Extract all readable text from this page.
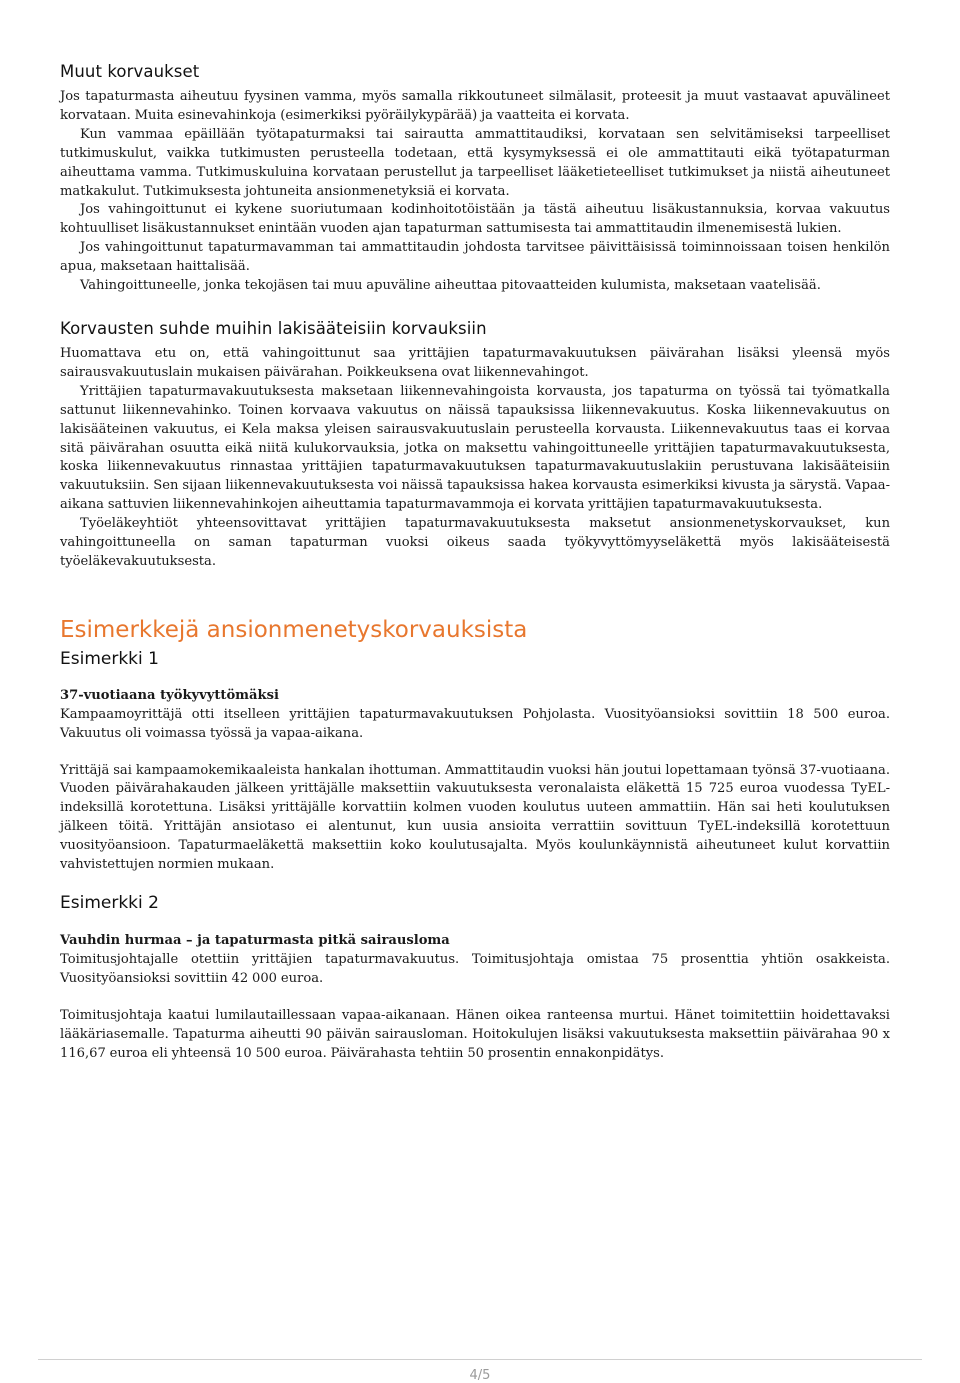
Muut korvaukset

Jos tapaturmasta aiheutuu fyysinen vamma, myös samalla rikkoutuneet silmälasit, proteesit ja muut vastaavat apuvälineet korvataan. Muita esinevahinkoja (esimerkiksi pyöräilykypärää) ja vaatteita ei korvata.

Kun vammaa epäillään työtapaturmaksi tai sairautta ammattitaudiksi, korvataan sen selvitämiseksi tarpeelliset tutkimuskulut, vaikka tutkimusten perusteella todetaan, että kysymyksessä ei ole ammattitauti eikä työtapaturman aiheuttama vamma. Tutkimuskuluina korvataan perustellut ja tarpeelliset lääketieteelliset tutkimukset ja niistä aiheutuneet matkakulut. Tutkimuksesta johtuneita ansionmenetyksiä ei korvata.

Jos vahingoittunut ei kykene suoriutumaan kodinhoitotöistään ja tästä aiheutuu lisäkustannuksia, korvaa vakuutus kohtuulliset lisäkustannukset enintään vuoden ajan tapaturman sattumisesta tai ammattitaudin ilmenemisestä lukien.

Jos vahingoittunut tapaturmavamman tai ammattitaudin johdosta tarvitsee päivittäisissä toiminnoissaan toisen henkilön apua, maksetaan haittalisää.

Vahingoittuneelle, jonka tekojäsen tai muu apuväline aiheuttaa pitovaatteiden kulumista, maksetaan vaatelisää.

Korvausten suhde muihin lakisääteisiin korvauksiin

Huomattava etu on, että vahingoittunut saa yrittäjien tapaturmavakuutuksen päivärahan lisäksi yleensä myös sairausvakuutuslain mukaisen päivärahan. Poikkeuksena ovat liikennevahingot.

Yrittäjien tapaturmavakuutuksesta maksetaan liikennevahingoista korvausta, jos tapaturma on työssä tai työmatkalla sattunut liikennevahinko. Toinen korvaava vakuutus on näissä tapauksissa liikennevakuutus. Koska liikennevakuutus on lakisääteinen vakuutus, ei Kela maksa yleisen sairausvakuutuslain perusteella korvausta. Liikennevakuutus taas ei korvaa sitä päivärahan osuutta eikä niitä kulukorvauksia, jotka on maksettu vahingoittuneelle yrittäjien tapaturmavakuutuksesta, koska liikennevakuutus rinnastaa yrittäjien tapaturmavakuutuksen tapaturmavakuutuslakiin perustuvana lakisääteisiin vakuutuksiin. Sen sijaan liikennevakuutuksesta voi näissä tapauksissa hakea korvausta esimerkiksi kivusta ja särystä. Vapaa-aikana sattuvien liikennevahinkojen aiheuttamia tapaturmavammoja ei korvata yrittäjien tapaturmavakuutuksesta.

Työeläkeyhtiöt yhteensovittavat yrittäjien tapaturmavakuutuksesta maksetut ansionmenetyskorvaukset, kun vahingoittuneella on saman tapaturman vuoksi oikeus saada työkyvyttömyyseläkettä myös lakisääteisestä työeläkevakuutuksesta.

Esimerkkejä ansionmenetyskorvauksista
Esimerkki 1
37-vuotiaana työkyvyttömäksi

Kampaamoyrittäjä otti itselleen yrittäjien tapaturmavakuutuksen Pohjolasta. Vuosityöansioksi sovittiin 18 500 euroa. Vakuutus oli voimassa työssä ja vapaa-aikana.

Yrittäjä sai kampaamokemikaaleista hankalan ihottuman. Ammattitaudin vuoksi hän joutui lopettamaan työnsä 37-vuotiaana. Vuoden päivärahakauden jälkeen yrittäjälle maksettiin vakuutuksesta veronalaista eläkettä 15 725 euroa vuodessa TyEL-indeksillä korotettuna. Lisäksi yrittäjälle korvattiin kolmen vuoden koulutus uuteen ammattiin. Hän sai heti koulutuksen jälkeen töitä. Yrittäjän ansiotaso ei alentunut, kun uusia ansioita verrattiin sovittuun TyEL-indeksillä korotettuun vuosityöansioon. Tapaturmaeläkettä maksettiin koko koulutusajalta. Myös koulunkäynnistä aiheutuneet kulut korvattiin vahvistettujen normien mukaan.

Esimerkki 2
Vauhdin hurmaa – ja tapaturmasta pitkä sairausloma

Toimitusjohtajalle otettiin yrittäjien tapaturmavakuutus. Toimitusjohtaja omistaa 75 prosenttia yhtiön osakkeista. Vuosityöansioksi sovittiin 42 000 euroa.

Toimitusjohtaja kaatui lumilautaillessaan vapaa-aikanaan. Hänen oikea ranteensa murtui. Hänet toimitettiin hoidettavaksi lääkäriasemalle. Tapaturma aiheutti 90 päivän sairausloman. Hoitokulujen lisäksi vakuutuksesta maksettiin päivärahaa 90 x 116,67 euroa eli yhteensä 10 500 euroa. Päivärahasta tehtiin 50 prosentin ennakonpidätys.

4/5
